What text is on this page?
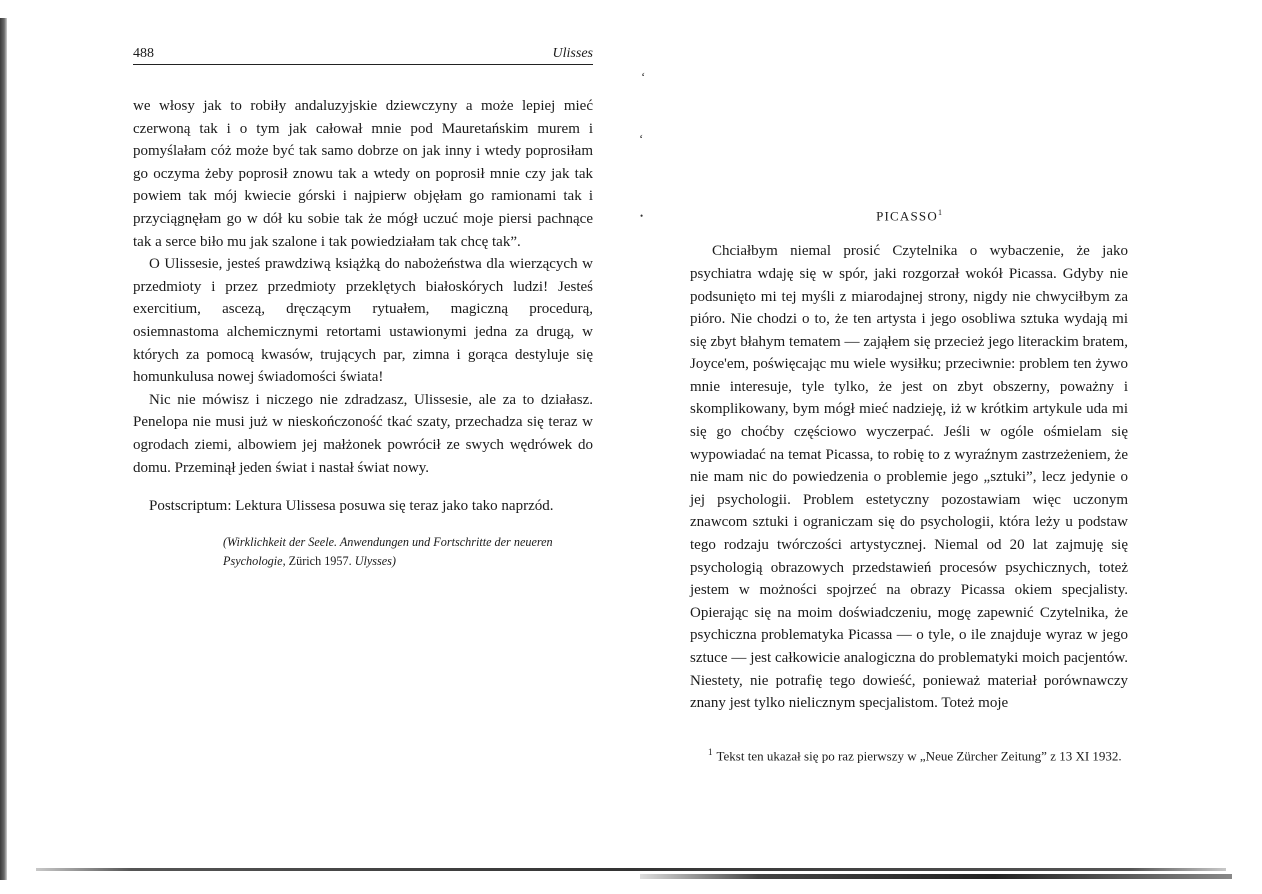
ʻ
ʻ
•
488	Ulisses

we włosy jak to robiły andaluzyjskie dziewczyny a może lepiej mieć czerwoną tak i o tym jak całował mnie pod Mauretańskim murem i pomyślałam cóż może być tak samo dobrze on jak inny i wtedy poprosiłam go oczyma żeby poprosił znowu tak a wtedy on poprosił mnie czy jak tak powiem tak mój kwiecie górski i najpierw objęłam go ramionami tak i przyciągnęłam go w dół ku sobie tak że mógł uczuć moje piersi pachnące tak a serce biło mu jak szalone i tak powiedziałam tak chcę tak”.

O Ulissesie, jesteś prawdziwą książką do nabożeństwa dla wierzących w przedmioty i przez przedmioty przeklętych białoskórych ludzi! Jesteś exercitium, ascezą, dręczącym rytuałem, magiczną procedurą, osiemnastoma alchemicznymi retortami ustawionymi jedna za drugą, w których za pomocą kwasów, trujących par, zimna i gorąca destyluje się homunkulusa nowej świadomości świata!

Nic nie mówisz i niczego nie zdradzasz, Ulissesie, ale za to działasz. Penelopa nie musi już w nieskończoność tkać szaty, przechadza się teraz w ogrodach ziemi, albowiem jej małżonek powrócił ze swych wędrówek do domu. Przeminął jeden świat i nastał świat nowy.

Postscriptum: Lektura Ulissesa posuwa się teraz jako tako naprzód.

(Wirklichkeit der Seele. Anwendungen und Fortschritte der neueren Psychologie, Zürich 1957. Ulysses)
PICASSO$^1$

Chciałbym niemal prosić Czytelnika o wybaczenie, że jako psychiatra wdaję się w spór, jaki rozgorzał wokół Picassa. Gdyby nie podsunięto mi tej myśli z miarodajnej strony, nigdy nie chwyciłbym za pióro. Nie chodzi o to, że ten artysta i jego osobliwa sztuka wydają mi się zbyt błahym tematem — zająłem się przecież jego literackim bratem, Joyce'em, poświęcając mu wiele wysiłku; przeciwnie: problem ten żywo mnie interesuje, tyle tylko, że jest on zbyt obszerny, poważny i skomplikowany, bym mógł mieć nadzieję, iż w krótkim artykule uda mi się go choćby częściowo wyczerpać. Jeśli w ogóle ośmielam się wypowiadać na temat Picassa, to robię to z wyraźnym zastrzeżeniem, że nie mam nic do powiedzenia o problemie jego „sztuki”, lecz jedynie o jej psychologii. Problem estetyczny pozostawiam więc uczonym znawcom sztuki i ograniczam się do psychologii, która leży u podstaw tego rodzaju twórczości artystycznej. Niemal od 20 lat zajmuję się psychologią obrazowych przedstawień procesów psychicznych, toteż jestem w możności spojrzeć na obrazy Picassa okiem specjalisty. Opierając się na moim doświadczeniu, mogę zapewnić Czytelnika, że psychiczna problematyka Picassa — o tyle, o ile znajduje wyraz w jego sztuce — jest całkowicie analogiczna do problematyki moich pacjentów. Niestety, nie potrafię tego dowieść, ponieważ materiał porównawczy znany jest tylko nielicznym specjalistom. Toteż moje

$^1$ Tekst ten ukazał się po raz pierwszy w „Neue Zürcher Zeitung” z 13 XI 1932.
